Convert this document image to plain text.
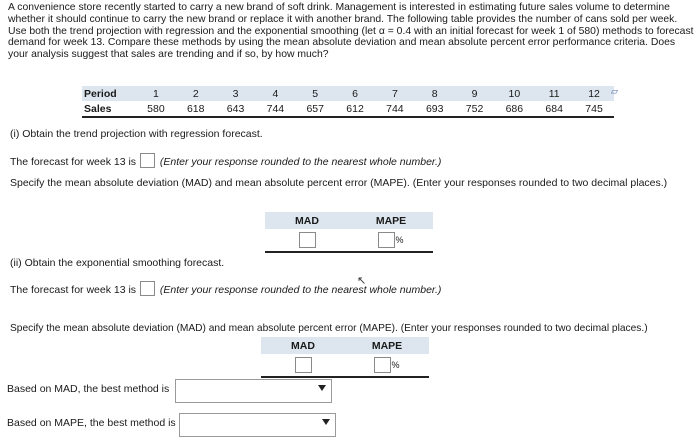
A convenience store recently started to carry a new brand of soft drink. Management is interested in estimating future sales volume to determine whether it should continue to carry the new brand or replace it with another brand. The following table provides the number of cans sold per week. Use both the trend projection with regression and the exponential smoothing (let α = 0.4 with an initial forecast for week 1 of 580) methods to forecast demand for week 13. Compare these methods by using the mean absolute deviation and mean absolute percent error performance criteria. Does your analysis suggest that sales are trending and if so, by how much?
Period	1	2	3	4	5	6	7	8	9	10	11	12
Sales	580	618	643	744	657	612	744	693	752	686	684	745
▱
(i) Obtain the trend projection with regression forecast.
The forecast for week 13 is (Enter your response rounded to the nearest whole number.)
Specify the mean absolute deviation (MAD) and mean absolute percent error (MAPE). (Enter your responses rounded to two decimal places.)
MAD	MAPE
	%
(ii) Obtain the exponential smoothing forecast.
The forecast for week 13 is (Enter your response rounded to the nearest whole number.)
↖
Specify the mean absolute deviation (MAD) and mean absolute percent error (MAPE). (Enter your responses rounded to two decimal places.)
MAD	MAPE
	%
Based on MAD, the best method is
Based on MAPE, the best method is
